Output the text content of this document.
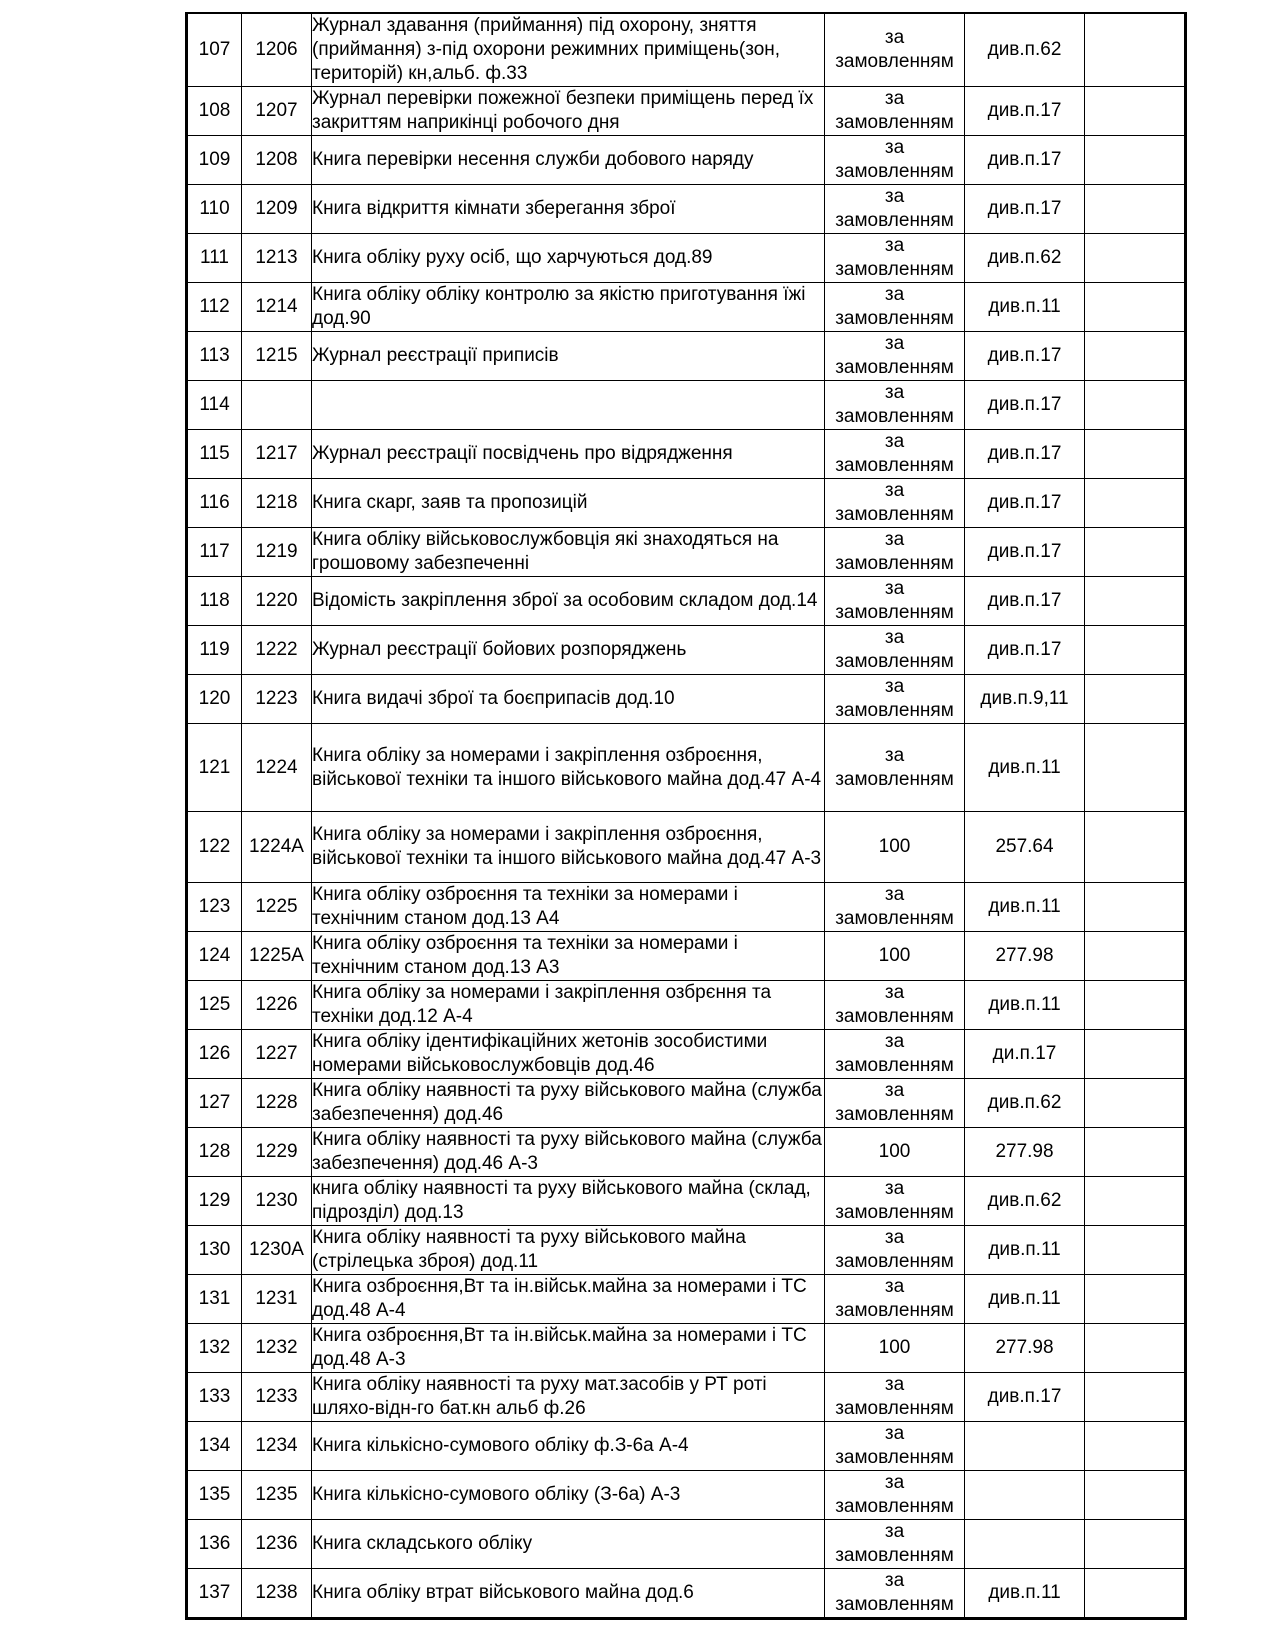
107	1206	Журнал здавання (приймання) під охорону, зняття (приймання) з-під охорони режимних приміщень(зон, територій) кн,альб. ф.33	за
замовленням	див.п.62	
108	1207	Журнал перевірки пожежної безпеки приміщень перед їх закриттям наприкінці робочого дня	за
замовленням	див.п.17	
109	1208	Книга перевірки несення служби добового наряду	за
замовленням	див.п.17	
110	1209	Книга відкриття кімнати зберегання зброї	за
замовленням	див.п.17	
111	1213	Книга обліку руху осіб, що харчуються дод.89	за
замовленням	див.п.62	
112	1214	Книга обліку обліку контролю за якістю приготування їжі дод.90	за
замовленням	див.п.11	
113	1215	Журнал реєстрації приписів	за
замовленням	див.п.17	
114			за
замовленням	див.п.17	
115	1217	Журнал реєстрації посвідчень про відрядження	за
замовленням	див.п.17	
116	1218	Книга скарг, заяв та пропозицій	за
замовленням	див.п.17	
117	1219	Книга обліку військовослужбовція які знаходяться на грошовому забезпеченні	за
замовленням	див.п.17	
118	1220	Відомість закріплення зброї за особовим складом дод.14	за
замовленням	див.п.17	
119	1222	Журнал реєстрації бойових розпоряджень	за
замовленням	див.п.17	
120	1223	Книга видачі зброї та боєприпасів дод.10	за
замовленням	див.п.9,11	
121	1224	Книга обліку за номерами і закріплення озброєння, військової техніки та іншого військового майна дод.47 А-4	за
замовленням	див.п.11	
122	1224А	Книга обліку за номерами і закріплення озброєння, військової техніки та іншого військового майна дод.47 А-3	100	257.64	
123	1225	Книга обліку озброєння та техніки за номерами і технічним станом дод.13 А4	за
замовленням	див.п.11	
124	1225А	Книга обліку озброєння та техніки за номерами і технічним станом дод.13 А3	100	277.98	
125	1226	Книга обліку за номерами і закріплення озбрєння та техніки дод.12 А-4	за
замовленням	див.п.11	
126	1227	Книга обліку ідентифікаційних жетонів зособистими номерами військовослужбовців дод.46	за
замовленням	ди.п.17	
127	1228	Книга обліку наявності та руху військового майна (служба забезпечення) дод.46	за
замовленням	див.п.62	
128	1229	Книга обліку наявності та руху військового майна (служба забезпечення) дод.46 А-3	100	277.98	
129	1230	книга обліку наявності та руху військового майна (склад, підрозділ) дод.13	за
замовленням	див.п.62	
130	1230А	Книга обліку наявності та руху військового майна (стрілецька зброя) дод.11	за
замовленням	див.п.11	
131	1231	Книга озброєння,Вт та ін.військ.майна за номерами і ТС дод.48 А-4	за
замовленням	див.п.11	
132	1232	Книга озброєння,Вт та ін.військ.майна за номерами і ТС дод.48 А-3	100	277.98	
133	1233	Книга обліку наявності та руху мат.засобів у РТ роті шляхо-відн-го бат.кн альб ф.26	за
замовленням	див.п.17	
134	1234	Книга кількісно-сумового обліку ф.З-6а А-4	за
замовленням		

135	1235	Книга кількісно-сумового обліку (З-6а) А-3	за
замовленням		

136	1236	Книга складського обліку	за
замовленням		

137	1238	Книга обліку втрат військового майна дод.6	за
замовленням	див.п.11	
